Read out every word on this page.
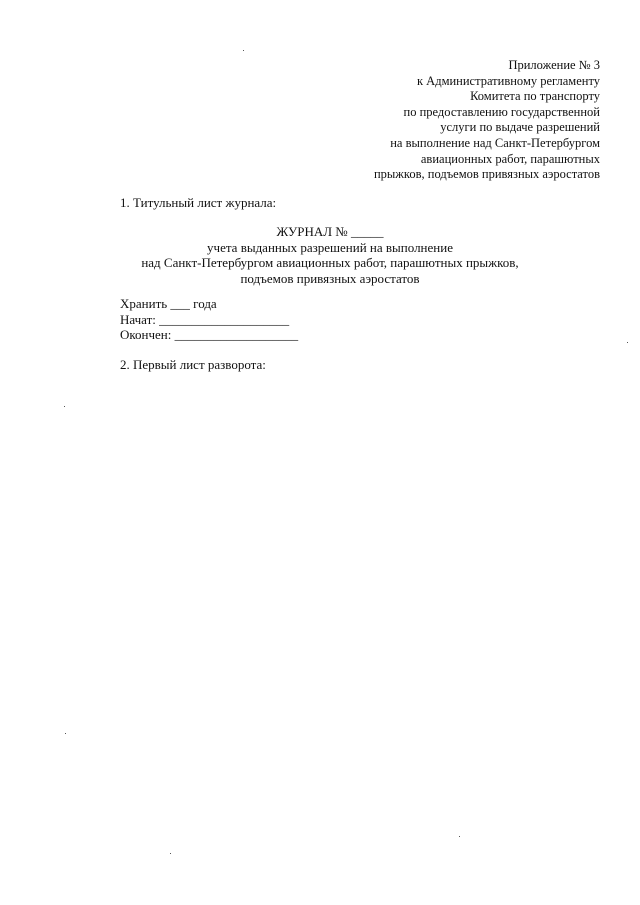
Приложение № 3
к Административному регламенту
Комитета по транспорту
по предоставлению государственной
услуги по выдаче разрешений
на выполнение над Санкт-Петербургом
авиационных работ, парашютных
прыжков, подъемов привязных аэростатов
1. Титульный лист журнала:
ЖУРНАЛ № _____
учета выданных разрешений на выполнение
над Санкт-Петербургом авиационных работ, парашютных прыжков,
подъемов привязных аэростатов
Хранить ___ года
Начат: ____________________
Окончен: ___________________
2. Первый лист разворота:
